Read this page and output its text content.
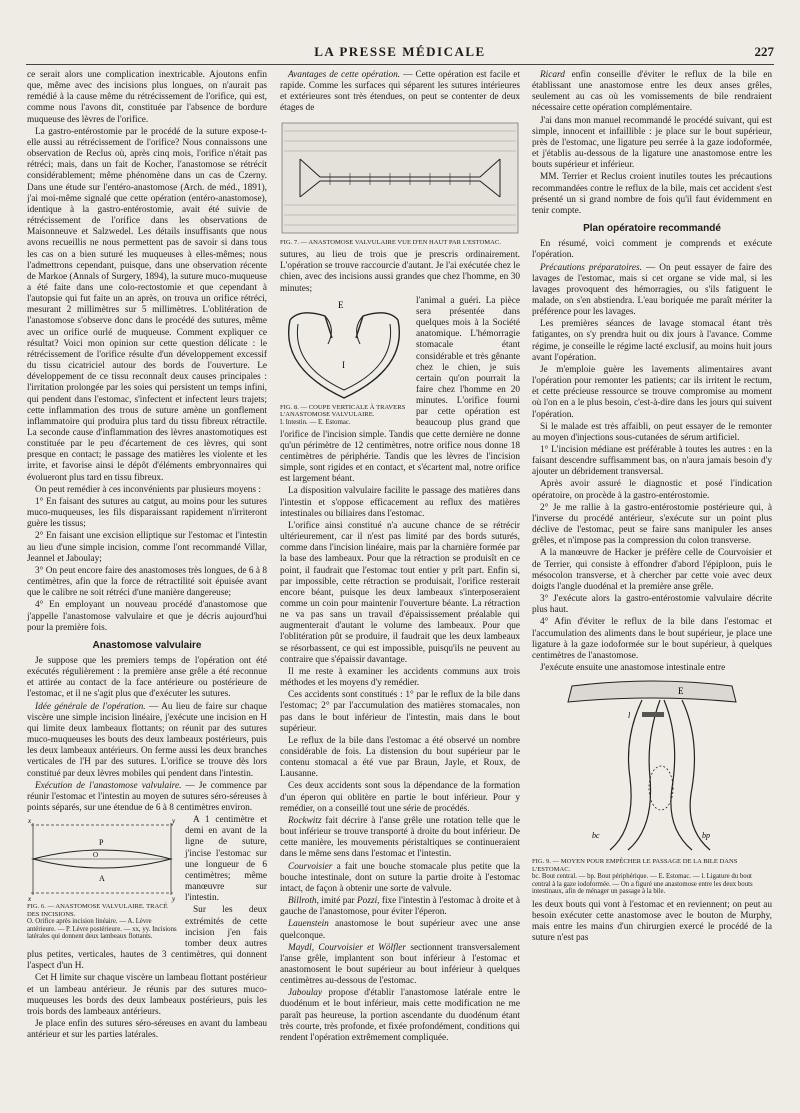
LA PRESSE MÉDICALE	227

ce serait alors une complication inextricable. Ajoutons enfin que, même avec des incisions plus longues, on n'aurait pas remédié à la cause même du rétrécissement de l'orifice, qui est, comme nous l'avons dit, constituée par l'absence de bordure muqueuse des lèvres de l'orifice.

La gastro-entérostomie par le procédé de la suture expose-t-elle aussi au rétrécissement de l'orifice? Nous connaissons une observation de Reclus où, après cinq mois, l'orifice n'était pas rétréci; mais, dans un fait de Kocher, l'anastomose se rétrécit considérablement; même phénomène dans un cas de Czerny. Dans une étude sur l'entéro-anastomose (Arch. de méd., 1891), j'ai moi-même signalé que cette opération (entéro-anastomose), identique à la gastro-entérostomie, avait été suivie de rétrécissement de l'orifice dans les observations de Maisonneuve et Salzwedel. Les détails insuffisants que nous avons recueillis ne nous permettent pas de savoir si dans tous les cas on a bien suturé les muqueuses à elles-mêmes; nous l'admettrons cependant, puisque, dans une observation récente de Markoe (Annals of Surgery, 1894), la suture muco-muqueuse a été faite dans une colo-rectostomie et que cependant à l'autopsie qui fut faite un an après, on trouva un orifice rétréci, mesurant 2 millimètres sur 5 millimètres. L'oblitération de l'anastomose s'observe donc dans le procédé des sutures, même avec un orifice ourlé de muqueuse. Comment expliquer ce résultat? Voici mon opinion sur cette question délicate : le rétrécissement de l'orifice résulte d'un développement excessif du tissu cicatriciel autour des bords de l'ouverture. Le développement de ce tissu reconnaît deux causes principales : l'irritation prolongée par les soies qui persistent un temps infini, qui pendent dans l'estomac, s'infectent et infectent leurs trajets; cette inflammation des trous de suture amène un gonflement inflammatoire qui produira plus tard du tissu fibreux rétractile. La seconde cause d'inflammation des lèvres anastomotiques est constituée par le peu d'écartement de ces lèvres, qui sont presque en contact; le passage des matières les violente et les irrite, et favorise ainsi le dépôt d'éléments embryonnaires qui évolueront plus tard en tissu fibreux.

On peut remédier à ces inconvénients par plusieurs moyens :

1° En faisant des sutures au catgut, au moins pour les sutures muco-muqueuses, les fils disparaissant rapidement n'irriteront guère les tissus;

2° En faisant une excision elliptique sur l'estomac et l'intestin au lieu d'une simple incision, comme l'ont recommandé Villar, Jeannel et Jaboulay;

3° On peut encore faire des anastomoses très longues, de 6 à 8 centimètres, afin que la force de rétractilité soit épuisée avant que le calibre ne soit rétréci d'une manière dangereuse;

4° En employant un nouveau procédé d'anastomose que j'appelle l'anastomose valvulaire et que je décris aujourd'hui pour la première fois.

Anastomose valvulaire

Je suppose que les premiers temps de l'opération ont été exécutés régulièrement : la première anse grêle a été reconnue et attirée au contact de la face antérieure ou postérieure de l'estomac, et il ne s'agit plus que d'exécuter les sutures.

Idée générale de l'opération. — Au lieu de faire sur chaque viscère une simple incision linéaire, j'exécute une incision en H qui limite deux lambeaux flottants; on réunit par des sutures muco-muqueuses les bouts des deux lambeaux postérieurs, puis les deux lambeaux antérieurs. On ferme aussi les deux branches verticales de l'H par des sutures. L'orifice se trouve dès lors constitué par deux lèvres mobiles qui pendent dans l'intestin.

Exécution de l'anastomose valvulaire. — Je commence par réunir l'estomac et l'intestin au moyen de sutures séro-séreuses à points séparés, sur une étendue de 6 à 8 centimètres environ.

x	y
x	y
P
O
A
FIG. 6. — ANASTOMOSE VALVULAIRE. TRACÉ DES INCISIONS.
O. Orifice après incision linéaire. — A. Lèvre antérieure. — P. Lèvre postérieure. — xx, yy. Incisions latérales qui donnent deux lambeaux flottants.

A 1 centimètre et demi en avant de la ligne de suture, j'incise l'estomac sur une longueur de 6 centimètres; même manœuvre sur l'intestin.

Sur les deux extrémités de cette incision j'en fais tomber deux autres plus petites, verticales, hautes de 3 centimètres, qui donnent l'aspect d'un H.

Cet H limite sur chaque viscère un lambeau flottant postérieur et un lambeau antérieur. Je réunis par des sutures muco-muqueuses les bords des deux lambeaux postérieurs, puis les trois bords des lambeaux antérieurs.

Je place enfin des sutures séro-séreuses en avant du lambeau antérieur et sur les parties latérales.

Avantages de cette opération. — Cette opération est facile et rapide. Comme les surfaces qui séparent les sutures intérieures et extérieures sont très étendues, on peut se contenter de deux étages de

FIG. 7. — ANASTOMOSE VALVULAIRE VUE D'EN HAUT PAR L'ESTOMAC.

sutures, au lieu de trois que je prescris ordinairement. L'opération se trouve raccourcie d'autant. Je l'ai exécutée chez le chien, avec des incisions aussi grandes que chez l'homme, en 30 minutes;

E
I
FIG. 8. — COUPE VERTICALE À TRAVERS L'ANASTOMOSE VALVULAIRE.
I. Intestin. — E. Estomac.

l'animal a guéri. La pièce sera présentée dans quelques mois à la Société anatomique. L'hémorragie stomacale étant considérable et très gênante chez le chien, je suis certain qu'on pourrait la faire chez l'homme en 20 minutes. L'orifice fourni par cette opération est beaucoup plus grand que l'orifice de l'incision simple. Tandis que cette dernière ne donne qu'un périmètre de 12 centimètres, notre orifice nous donne 18 centimètres de périphérie. Tandis que les lèvres de l'incision simple, sont rigides et en contact, et s'écartent mal, notre orifice est largement béant.

La disposition valvulaire facilite le passage des matières dans l'intestin et s'oppose efficacement au reflux des matières intestinales ou biliaires dans l'estomac.

L'orifice ainsi constitué n'a aucune chance de se rétrécir ultérieurement, car il n'est pas limité par des bords suturés, comme dans l'incision linéaire, mais par la charnière formée par la base des lambeaux. Pour que la rétraction se produisît en ce point, il faudrait que l'estomac tout entier y prît part. Enfin si, par impossible, cette rétraction se produisait, l'orifice resterait encore béant, puisque les deux lambeaux s'interposeraient comme un coin pour maintenir l'ouverture béante. La rétraction ne va pas sans un travail d'épaississement préalable qui augmenterait d'autant le volume des lambeaux. Pour que l'oblitération pût se produire, il faudrait que les deux lambeaux se résorbassent, ce qui est impossible, puisqu'ils ne peuvent au contraire que s'épaissir davantage.

Il me reste à examiner les accidents communs aux trois méthodes et les moyens d'y remédier.

Ces accidents sont constitués : 1° par le reflux de la bile dans l'estomac; 2° par l'accumulation des matières stomacales, non pas dans le bout inférieur de l'intestin, mais dans le bout supérieur.

Le reflux de la bile dans l'estomac a été observé un nombre considérable de fois. La distension du bout supérieur par le contenu stomacal a été vue par Braun, Jayle, et Roux, de Lausanne.

Ces deux accidents sont sous la dépendance de la formation d'un éperon qui oblitère en partie le bout inférieur. Pour y remédier, on a conseillé tout une série de procédés.

Rockwitz fait décrire à l'anse grêle une rotation telle que le bout inférieur se trouve transporté à droite du bout inférieur. De cette manière, les mouvements péristaltiques se continueraient dans le même sens dans l'estomac et l'intestin.

Courvoisier a fait une bouche stomacale plus petite que la bouche intestinale, dont on suture la partie droite à l'estomac intact, de façon à obtenir une sorte de valvule.

Billroth, imité par Pozzi, fixe l'intestin à l'estomac à droite et à gauche de l'anastomose, pour éviter l'éperon.

Lauenstein anastomose le bout supérieur avec une anse quelconque.

Maydl, Courvoisier et Wölfler sectionnent transversalement l'anse grêle, implantent son bout inférieur à l'estomac et anastomosent le bout supérieur au bout inférieur à quelques centimètres au-dessous de l'estomac.

Jaboulay propose d'établir l'anastomose latérale entre le duodénum et le bout inférieur, mais cette modification ne me paraît pas heureuse, la portion ascendante du duodénum étant très courte, très profonde, et fixée profondément, conditions qui rendent l'opération extrêmement compliquée.

Ricard enfin conseille d'éviter le reflux de la bile en établissant une anastomose entre les deux anses grêles, seulement au cas où les vomissements de bile rendraient nécessaire cette opération complémentaire.

J'ai dans mon manuel recommandé le procédé suivant, qui est simple, innocent et infaillible : je place sur le bout supérieur, près de l'estomac, une ligature peu serrée à la gaze iodoformée, et j'établis au-dessous de la ligature une anastomose entre les bouts supérieur et inférieur.

MM. Terrier et Reclus croient inutiles toutes les précautions recommandées contre le reflux de la bile, mais cet accident s'est présenté un si grand nombre de fois qu'il faut évidemment en tenir compte.

Plan opératoire recommandé

En résumé, voici comment je comprends et exécute l'opération.

Précautions préparatoires. — On peut essayer de faire des lavages de l'estomac, mais si cet organe se vide mal, si les lavages provoquent des hémorragies, ou s'ils fatiguent le malade, on s'en abstiendra. L'eau boriquée me paraît mériter la préférence pour les lavages.

Les premières séances de lavage stomacal étant très fatigantes, on s'y prendra huit ou dix jours à l'avance. Comme régime, je conseille le régime lacté exclusif, au moins huit jours avant l'opération.

Je m'emploie guère les lavements alimentaires avant l'opération pour remonter les patients; car ils irritent le rectum, et cette précieuse ressource se trouve compromise au moment où l'on en a le plus besoin, c'est-à-dire dans les jours qui suivent l'opération.

Si le malade est très affaibli, on peut essayer de le remonter au moyen d'injections sous-cutanées de sérum artificiel.

1° L'incision médiane est préférable à toutes les autres : en la faisant descendre suffisamment bas, on n'aura jamais besoin d'y ajouter un débridement transversal.

Après avoir assuré le diagnostic et posé l'indication opératoire, on procède à la gastro-entérostomie.

2° Je me rallie à la gastro-entérostomie postérieure qui, à l'inverse du procédé antérieur, s'exécute sur un point plus déclive de l'estomac, peut se faire sans manipuler les anses grêles, et n'impose pas la compression du colon transverse.

A la manœuvre de Hacker je préfère celle de Courvoisier et de Terrier, qui consiste à effondrer d'abord l'épiploon, puis le mésocolon transverse, et à chercher par cette voie avec deux doigts l'angle duodénal et la première anse grêle.

3° J'exécute alors la gastro-entérostomie valvulaire décrite plus haut.

4° Afin d'éviter le reflux de la bile dans l'estomac et l'accumulation des aliments dans le bout supérieur, je place une ligature à la gaze iodoformée sur le bout supérieur, à quelques centimètres de l'anastomose.

J'exécute ensuite une anastomose intestinale entre

E
l
bc	bp
FIG. 9. — MOYEN POUR EMPÊCHER LE PASSAGE DE LA BILE DANS L'ESTOMAC.
bc. Bout central. — bp. Bout périphérique. — E. Estomac. — l. Ligature du bout central à la gaze iodoformée. — On a figuré une anastomose entre les deux bouts intestinaux, afin de ménager un passage à la bile.

les deux bouts qui vont à l'estomac et en reviennent; on peut au besoin exécuter cette anastomose avec le bouton de Murphy, mais entre les mains d'un chirurgien exercé le procédé de la suture n'est pas
